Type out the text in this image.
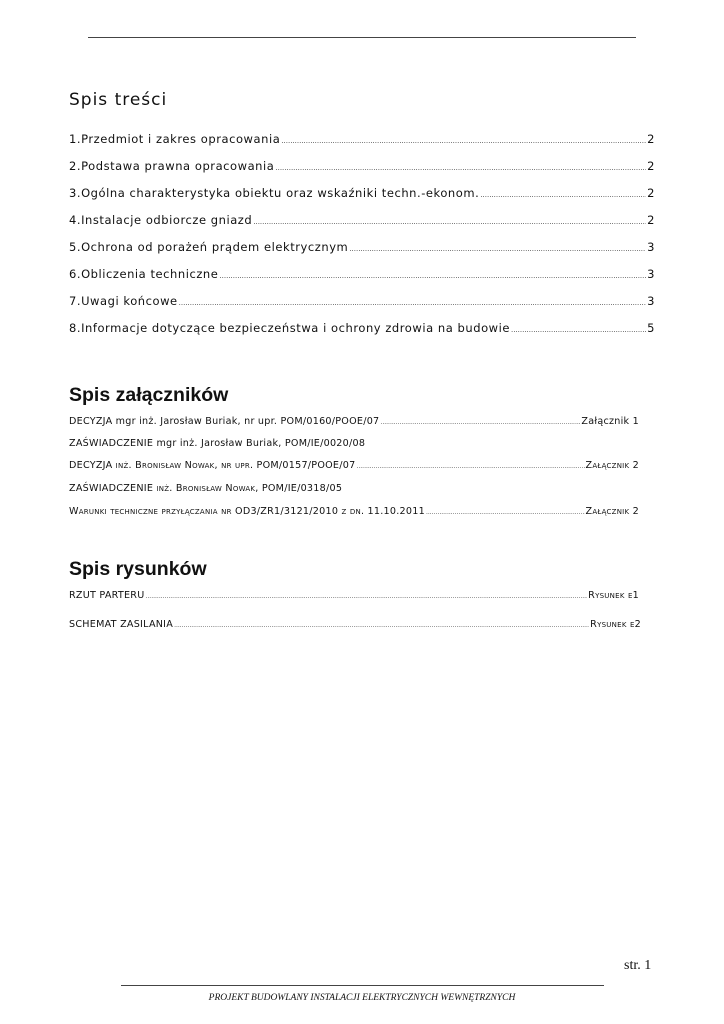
Spis treści
1.Przedmiot i zakres opracowania .....	2
2.Podstawa prawna opracowania .....	2
3.Ogólna charakterystyka obiektu oraz wskaźniki techn.-ekonom. .....	2
4.Instalacje odbiorcze gniazd .....	2
5.Ochrona od porażeń prądem elektrycznym .....	3
6.Obliczenia techniczne .....	3
7.Uwagi końcowe .....	3
8.Informacje dotyczące bezpieczeństwa i ochrony zdrowia na budowie .....	5
Spis załączników
DECYZJA mgr inż. Jarosław Buriak, nr upr. POM/0160/POOE/07 .....	Załącznik 1
ZAŚWIADCZENIE mgr inż. Jarosław Buriak, POM/IE/0020/08
DECYZJA inż. Bronisław Nowak, nr upr. POM/0157/POOE/07 .....	Załącznik 2
ZAŚWIADCZENIE inż. Bronisław Nowak, POM/IE/0318/05
Warunki techniczne przyłączania nr OD3/ZR1/3121/2010 z dn. 11.10.2011 .....	Załącznik 2
Spis rysunków
RZUT PARTERU .....	Rysunek e1
SCHEMAT ZASILANIA .....	Rysunek e2
str. 1
PROJEKT BUDOWLANY INSTALACJI ELEKTRYCZNYCH WEWNĘTRZNYCH
